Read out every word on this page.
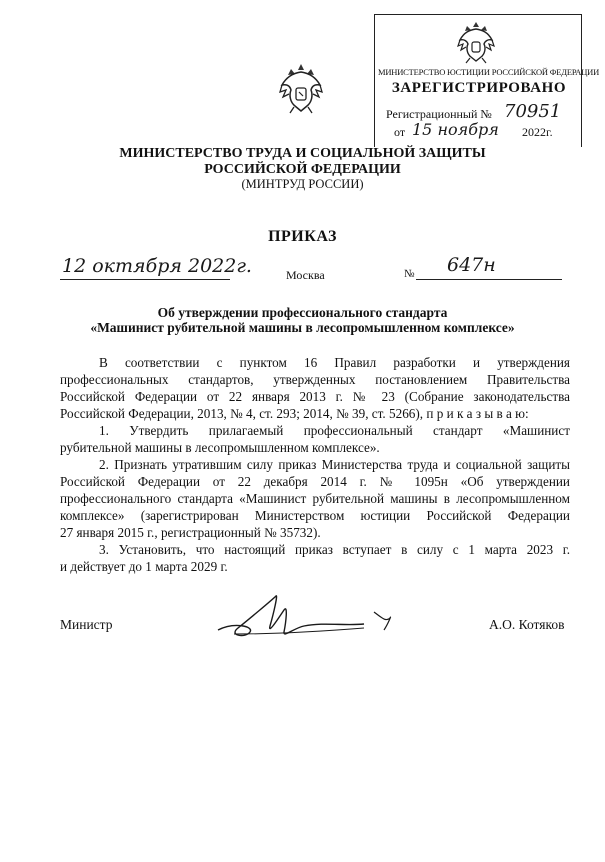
МИНИСТЕРСТВО ЮСТИЦИИ РОССИЙСКОЙ ФЕДЕРАЦИИ
ЗАРЕГИСТРИРОВАНО
Регистрационный № 70951
от 15 ноября 2022г.
МИНИСТЕРСТВО ТРУДА И СОЦИАЛЬНОЙ ЗАЩИТЫ
РОССИЙСКОЙ ФЕДЕРАЦИИ
(МИНТРУД РОССИИ)
ПРИКАЗ
12 октября 2022г.	Москва	№ 647н
Об утверждении профессионального стандарта
«Машинист рубительной машины в лесопромышленном комплексе»
В соответствии с пунктом 16 Правил разработки и утверждения
профессиональных стандартов, утвержденных постановлением Правительства
Российской Федерации от 22 января 2013 г. № 23 (Собрание законодательства
Российской Федерации, 2013, № 4, ст. 293; 2014, № 39, ст. 5266), п р и к а з ы в а ю:
1. Утвердить прилагаемый профессиональный стандарт «Машинист
рубительной машины в лесопромышленном комплексе».
2. Признать утратившим силу приказ Министерства труда и социальной защиты
Российской Федерации от 22 декабря 2014 г. № 1095н «Об утверждении
профессионального стандарта «Машинист рубительной машины в лесопромышленном
комплексе» (зарегистрирован Министерством юстиции Российской Федерации
27 января 2015 г., регистрационный № 35732).
3. Установить, что настоящий приказ вступает в силу с 1 марта 2023 г.
и действует до 1 марта 2029 г.
Министр	А.О. Котяков
